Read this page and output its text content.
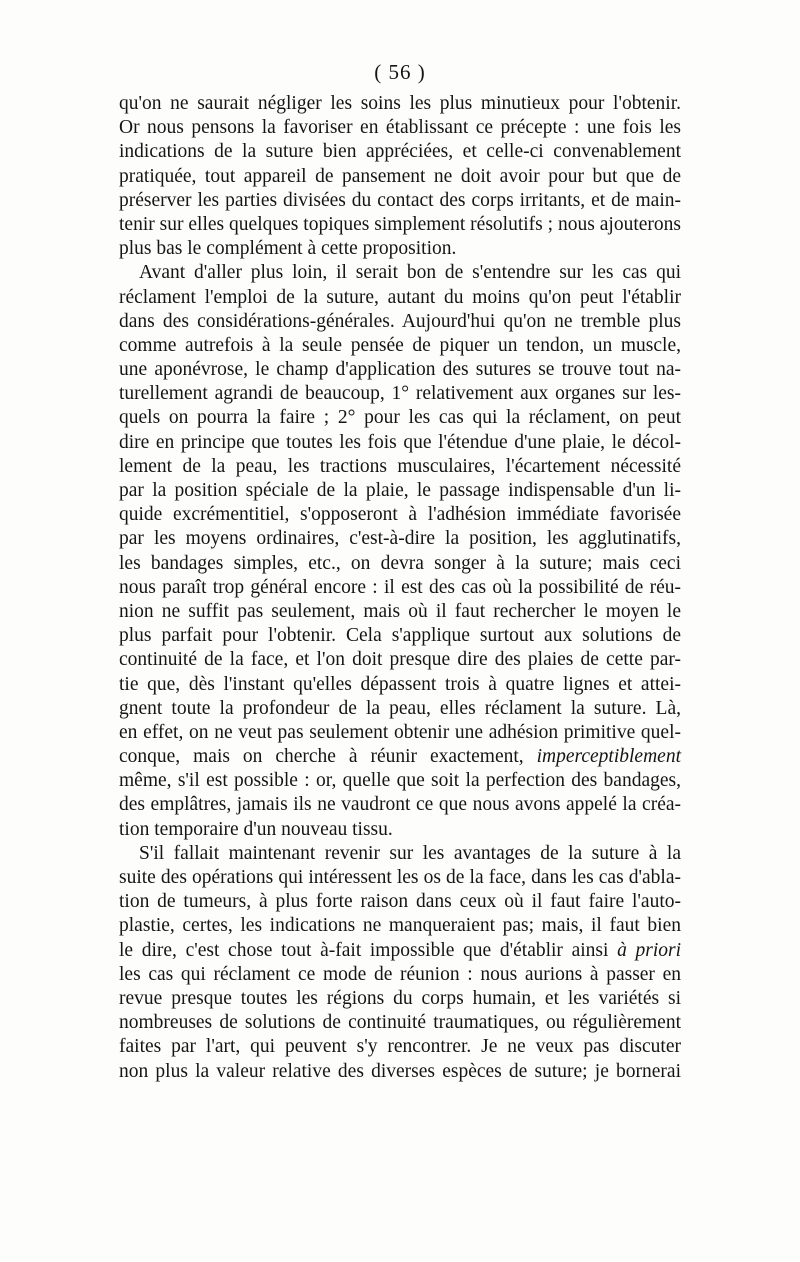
( 56 )
qu'on ne saurait négliger les soins les plus minutieux pour l'obtenir.
Or nous pensons la favoriser en établissant ce précepte : une fois les
indications de la suture bien appréciées, et celle-ci convenablement
pratiquée, tout appareil de pansement ne doit avoir pour but que de
préserver les parties divisées du contact des corps irritants, et de main-
tenir sur elles quelques topiques simplement résolutifs ; nous ajouterons
plus bas le complément à cette proposition.
Avant d'aller plus loin, il serait bon de s'entendre sur les cas qui
réclament l'emploi de la suture, autant du moins qu'on peut l'établir
dans des considérations-générales. Aujourd'hui qu'on ne tremble plus
comme autrefois à la seule pensée de piquer un tendon, un muscle,
une aponévrose, le champ d'application des sutures se trouve tout na-
turellement agrandi de beaucoup, 1° relativement aux organes sur les-
quels on pourra la faire ; 2° pour les cas qui la réclament, on peut
dire en principe que toutes les fois que l'étendue d'une plaie, le décol-
lement de la peau, les tractions musculaires, l'écartement nécessité
par la position spéciale de la plaie, le passage indispensable d'un li-
quide excrémentitiel, s'opposeront à l'adhésion immédiate favorisée
par les moyens ordinaires, c'est-à-dire la position, les agglutinatifs,
les bandages simples, etc., on devra songer à la suture; mais ceci
nous paraît trop général encore : il est des cas où la possibilité de réu-
nion ne suffit pas seulement, mais où il faut rechercher le moyen le
plus parfait pour l'obtenir. Cela s'applique surtout aux solutions de
continuité de la face, et l'on doit presque dire des plaies de cette par-
tie que, dès l'instant qu'elles dépassent trois à quatre lignes et attei-
gnent toute la profondeur de la peau, elles réclament la suture. Là,
en effet, on ne veut pas seulement obtenir une adhésion primitive quel-
conque, mais on cherche à réunir exactement, imperceptiblement
même, s'il est possible : or, quelle que soit la perfection des bandages,
des emplâtres, jamais ils ne vaudront ce que nous avons appelé la créa-
tion temporaire d'un nouveau tissu.
S'il fallait maintenant revenir sur les avantages de la suture à la
suite des opérations qui intéressent les os de la face, dans les cas d'abla-
tion de tumeurs, à plus forte raison dans ceux où il faut faire l'auto-
plastie, certes, les indications ne manqueraient pas; mais, il faut bien
le dire, c'est chose tout à-fait impossible que d'établir ainsi à priori
les cas qui réclament ce mode de réunion : nous aurions à passer en
revue presque toutes les régions du corps humain, et les variétés si
nombreuses de solutions de continuité traumatiques, ou régulièrement
faites par l'art, qui peuvent s'y rencontrer. Je ne veux pas discuter
non plus la valeur relative des diverses espèces de suture; je bornerai
